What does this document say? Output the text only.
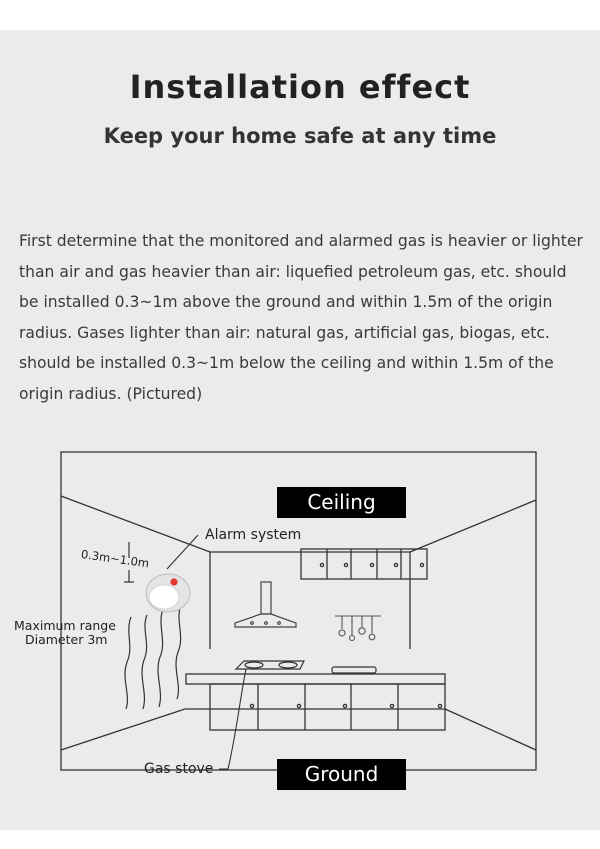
Installation effect
Keep your home safe at any time

First determine that the monitored and alarmed gas is heavier or lighter than air and gas heavier than air: liquefied petroleum gas, etc. should be installed 0.3~1m above the ground and within 1.5m of the origin radius. Gases lighter than air: natural gas, artificial gas, biogas, etc. should be installed 0.3~1m below the ceiling and within 1.5m of the origin radius. (Pictured)

Ceiling
Ground
Alarm system
0.3m~1.0m
Maximum range
Diameter 3m
Gas stove
